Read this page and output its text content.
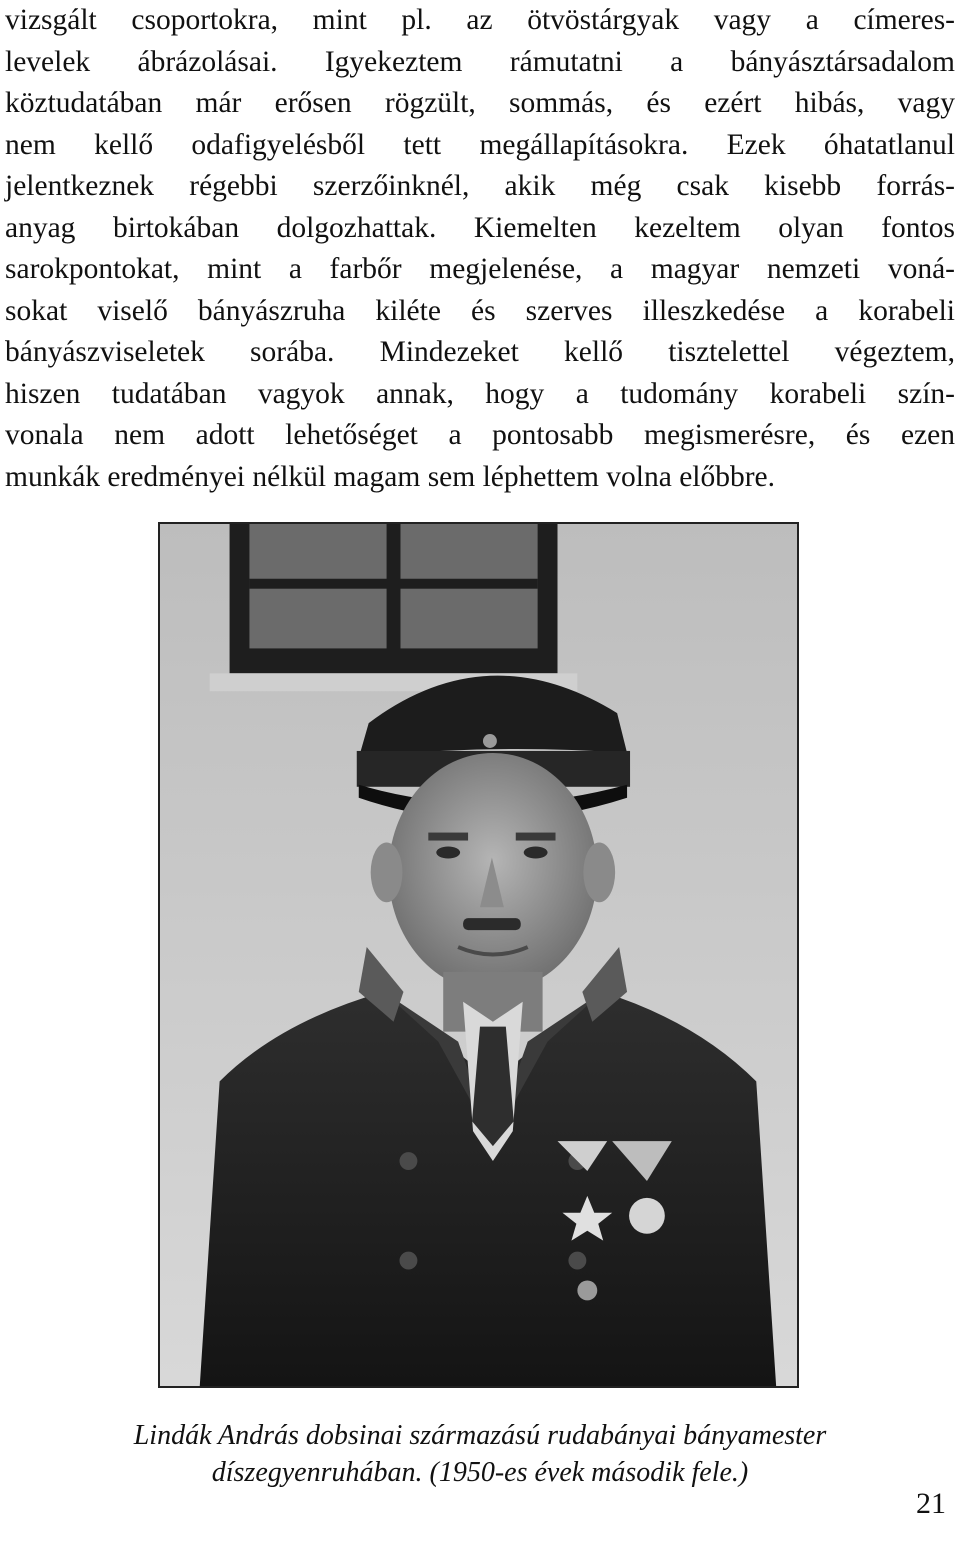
vizsgált csoportokra, mint pl. az ötvöstárgyak vagy a címeres-
levelek ábrázolásai. Igyekeztem rámutatni a bányásztársadalom
köztudatában már erősen rögzült, sommás, és ezért hibás, vagy
nem kellő odafigyelésből tett megállapításokra. Ezek óhatatlanul
jelentkeznek régebbi szerzőinknél, akik még csak kisebb forrás-
anyag birtokában dolgozhattak. Kiemelten kezeltem olyan fontos
sarokpontokat, mint a farbőr megjelenése, a magyar nemzeti voná-
sokat viselő bányászruha kiléte és szerves illeszkedése a korabeli
bányászviseletek sorába. Mindezeket kellő tisztelettel végeztem,
hiszen tudatában vagyok annak, hogy a tudomány korabeli szín-
vonala nem adott lehetőséget a pontosabb megismerésre, és ezen
munkák eredményei nélkül magam sem léphettem volna előbbre.
Lindák András dobsinai származású rudabányai bányamester
díszegyenruhában. (1950-es évek második fele.)
21
